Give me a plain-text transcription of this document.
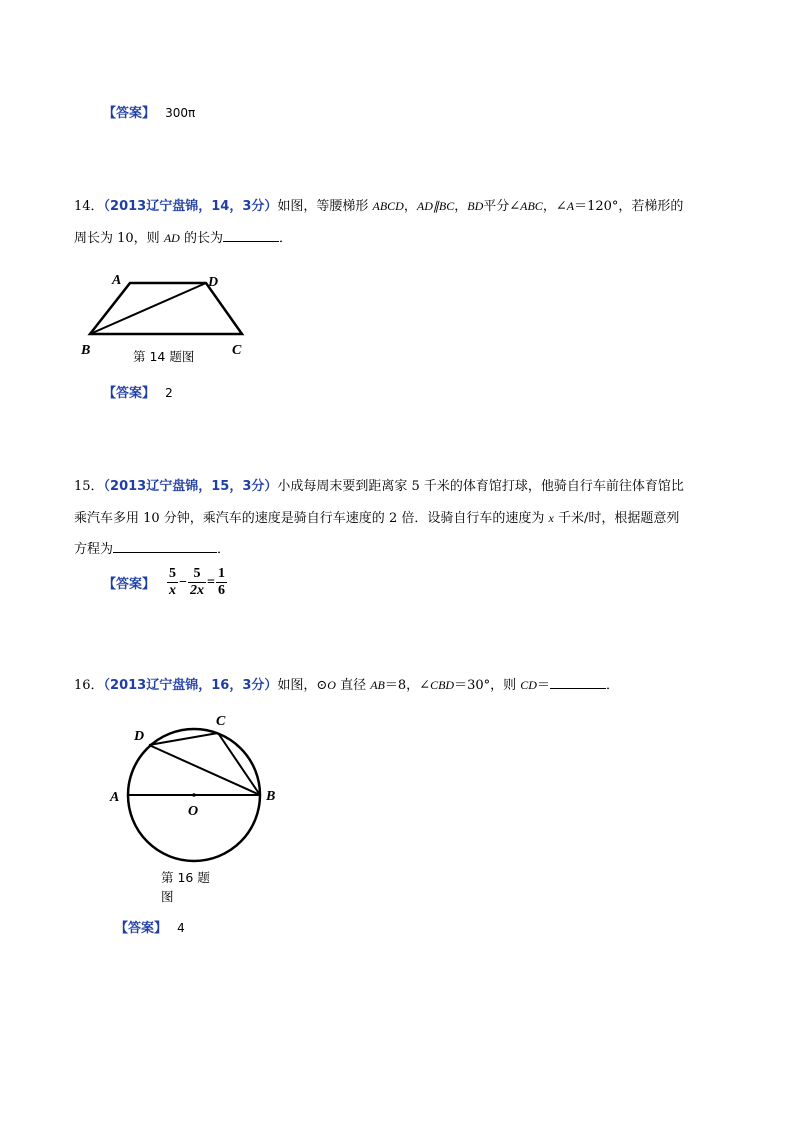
【答案】 300π
14．（2013辽宁盘锦，14，3分）如图，等腰梯形 ABCD，AD∥BC，BD平分∠ABC，∠A＝120°，若梯形的
周长为 10，则 AD 的长为	．
A	D
B	C
第 14 题图
【答案】 2
15．（2013辽宁盘锦，15，3分）小成每周末要到距离家 5 千米的体育馆打球，他骑自行车前往体育馆比
乘汽车多用 10 分钟，乘汽车的速度是骑自行车速度的 2 倍．设骑自行车的速度为 x 千米/时，根据题意列
方程为	．
【答案】 $\frac{5}{x} - \frac{5}{2x} = \frac{1}{6}$
16．（2013辽宁盘锦，16，3分）如图，⊙O 直径 AB＝8，∠CBD＝30°，则 CD＝	．
C
D
A	B
O
第 16 题
图
【答案】 4
